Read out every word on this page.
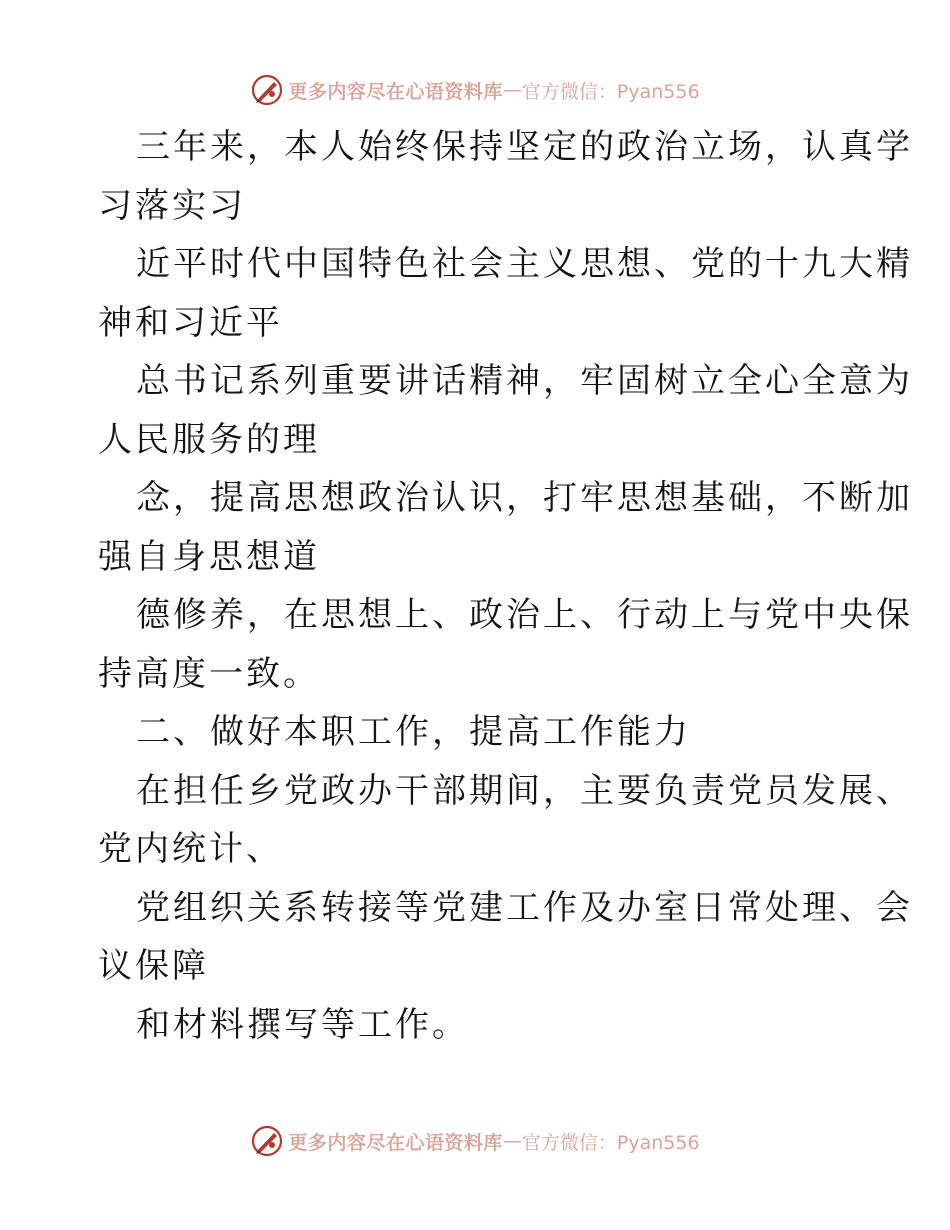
更多内容尽在心语资料库 — 官方微信：Pyan556
三年来，本人始终保持坚定的政治立场，认真学
习落实习
近平时代中国特色社会主义思想、党的十九大精
神和习近平
总书记系列重要讲话精神，牢固树立全心全意为
人民服务的理
念，提高思想政治认识，打牢思想基础，不断加
强自身思想道
德修养，在思想上、政治上、行动上与党中央保
持高度一致。
二、做好本职工作，提高工作能力
在担任乡党政办干部期间，主要负责党员发展、
党内统计、
党组织关系转接等党建工作及办室日常处理、会
议保障
和材料撰写等工作。
更多内容尽在心语资料库 — 官方微信：Pyan556
